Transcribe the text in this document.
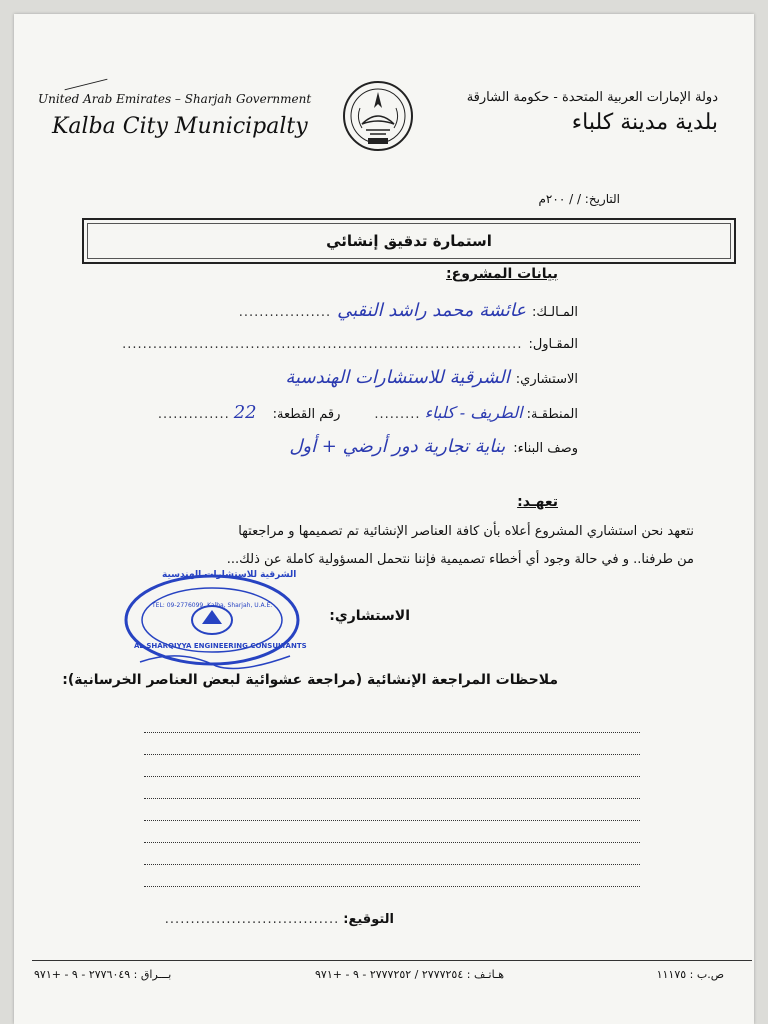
United Arab Emirates – Sharjah Government
Kalba City Municipalty
دولة الإمارات العربية المتحدة - حكومة الشارقة
بلدية مدينة كلباء
التاريخ: / / ٢٠٠م
استمارة تدقيق إنشائي
بيانات المشروع:
المـالـك:
عائشة محمد راشد النقبي
..................
المقـاول:
..............................................................................
الاستشاري:
الشرقية للاستشارات الهندسية
المنطقـة:
الطريف - كلباء
.........
رقم القطعة:
22
..............
وصف البناء:
بناية تجارية دور أرضي + أول
تعهـد:
نتعهد نحن استشاري المشروع أعلاه بأن كافة العناصر الإنشائية تم تصميمها و مراجعتها
من طرفنا.. و في حالة وجود أي أخطاء تصميمية فإننا نتحمل المسؤولية كاملة عن ذلك...
الاستشاري:
الشرقية للاستشارات الهندسية
TEL: 09-2776099, Kalba, Sharjah, U.A.E.
AL SHARQIYYA ENGINEERING CONSULTANTS
ملاحظات المراجعة الإنشائية (مراجعة عشوائية لبعض العناصر الخرسانية):
التوقيع:
..................................
ص.ب : ١١١٧٥
هـاتـف : ٢٧٧٧٢٥٤ / ٢٧٧٧٢٥٢ - ٩ - +٩٧١
بـــراق : ٢٧٧٦٠٤٩ - ٩ - +٩٧١
